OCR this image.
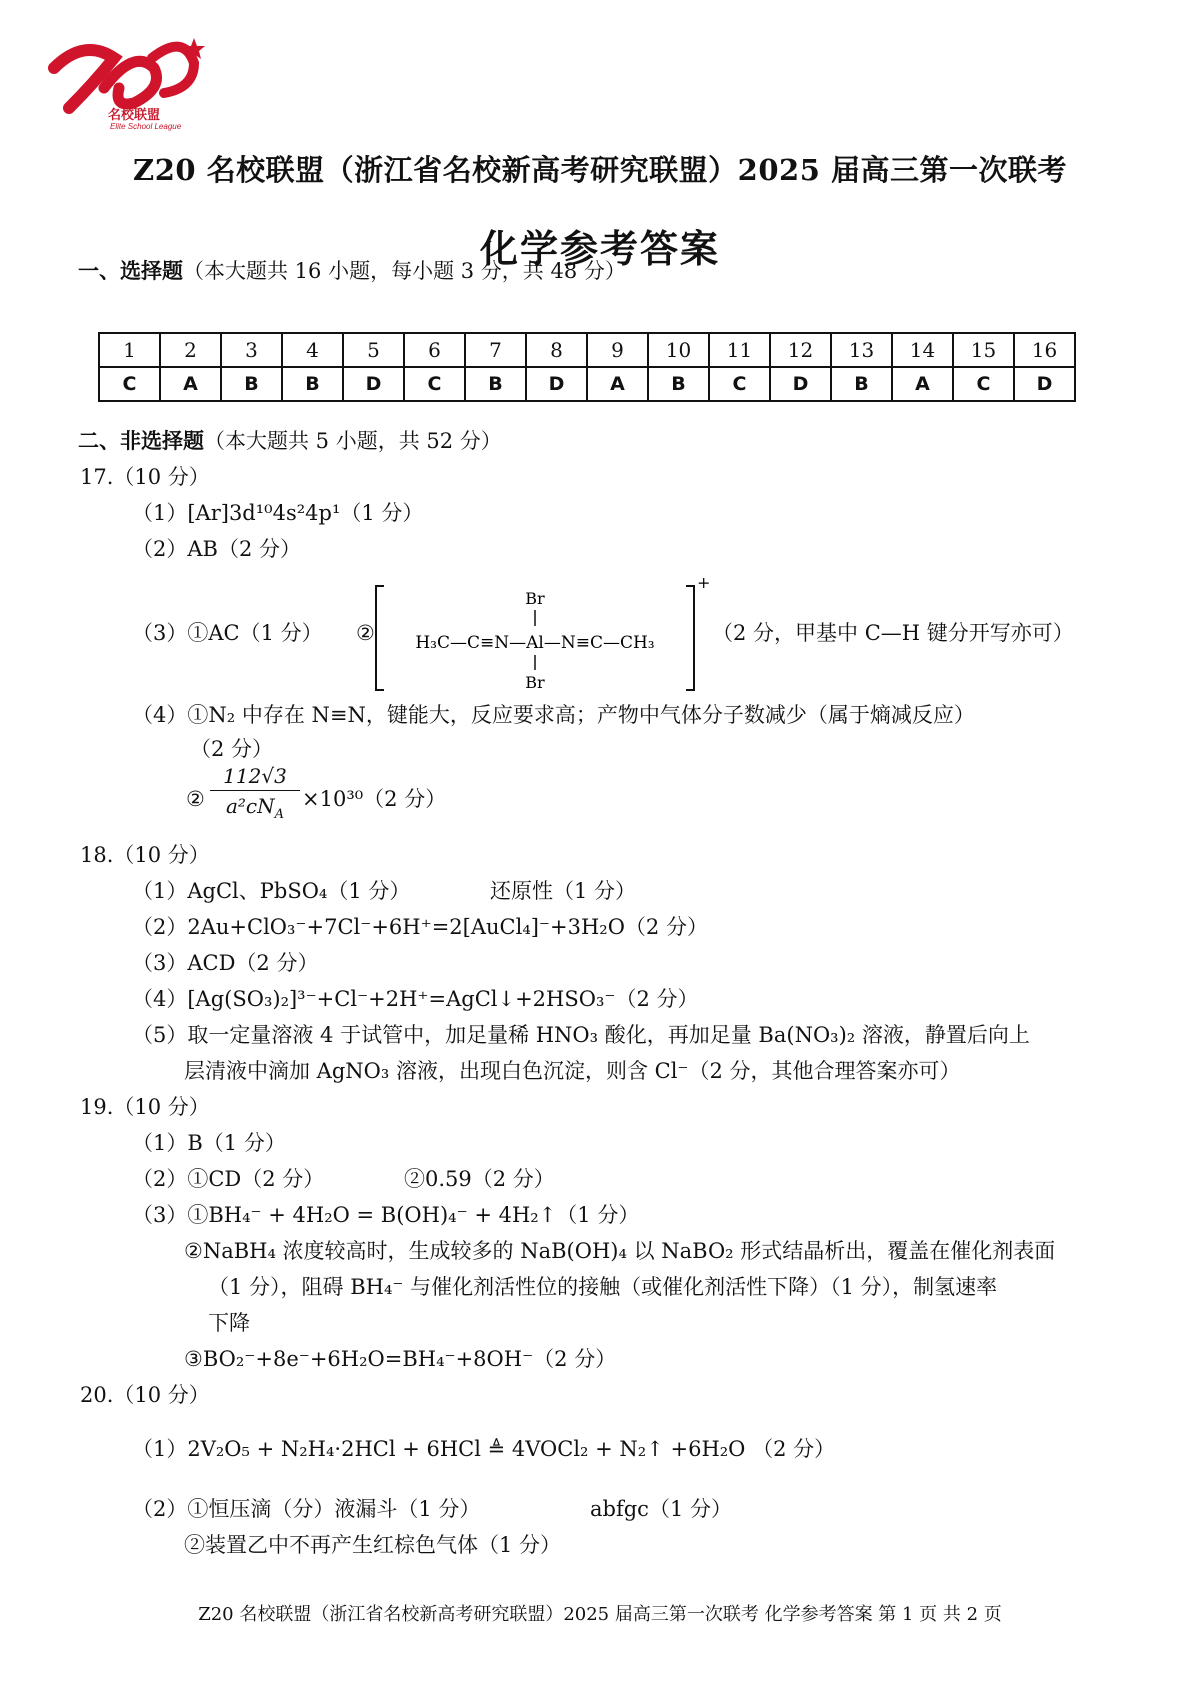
名校联盟
Elite School League
Z20 名校联盟（浙江省名校新高考研究联盟）2025 届高三第一次联考
化学参考答案
一、选择题（本大题共 16 小题，每小题 3 分，共 48 分）
1	2	3	4	5	6	7	8	9	10	11	12	13	14	15	16
C	A	B	B	D	C	B	D	A	B	C	D	B	A	C	D
二、非选择题（本大题共 5 小题，共 52 分）
17.（10 分）
（1）[Ar]3d¹⁰4s²4p¹（1 分）
（2）AB（2 分）
（3）①AC（1 分） ②
+
Br
H₃C—C≡N—Al—N≡C—CH₃
Br
（2 分，甲基中 C—H 键分开写亦可）
（4）①N₂ 中存在 N≡N，键能大，反应要求高；产物中气体分子数减少（属于熵减反应）
（2 分）
②
112√3
$a^2cN_A$
×10³⁰（2 分）
18.（10 分）
（1）AgCl、PbSO₄（1 分）	还原性（1 分）
（2）2Au+ClO₃⁻+7Cl⁻+6H⁺=2[AuCl₄]⁻+3H₂O（2 分）
（3）ACD（2 分）
（4）[Ag(SO₃)₂]³⁻+Cl⁻+2H⁺=AgCl↓+2HSO₃⁻（2 分）
（5）取一定量溶液 4 于试管中，加足量稀 HNO₃ 酸化，再加足量 Ba(NO₃)₂ 溶液，静置后向上
层清液中滴加 AgNO₃ 溶液，出现白色沉淀，则含 Cl⁻（2 分，其他合理答案亦可）
19.（10 分）
（1）B（1 分）
（2）①CD（2 分）	②0.59（2 分）
（3）①BH₄⁻ + 4H₂O = B(OH)₄⁻ + 4H₂↑（1 分）
②NaBH₄ 浓度较高时，生成较多的 NaB(OH)₄ 以 NaBO₂ 形式结晶析出，覆盖在催化剂表面
（1 分），阻碍 BH₄⁻ 与催化剂活性位的接触（或催化剂活性下降）（1 分），制氢速率
下降
③BO₂⁻+8e⁻+6H₂O=BH₄⁻+8OH⁻（2 分）
20.（10 分）
（1）2V₂O₅ + N₂H₄·2HCl + 6HCl ≜ 4VOCl₂ + N₂↑ +6H₂O （2 分）
（2）①恒压滴（分）液漏斗（1 分）	abfgc（1 分）
②装置乙中不再产生红棕色气体（1 分）
Z20 名校联盟（浙江省名校新高考研究联盟）2025 届高三第一次联考 化学参考答案 第 1 页 共 2 页
